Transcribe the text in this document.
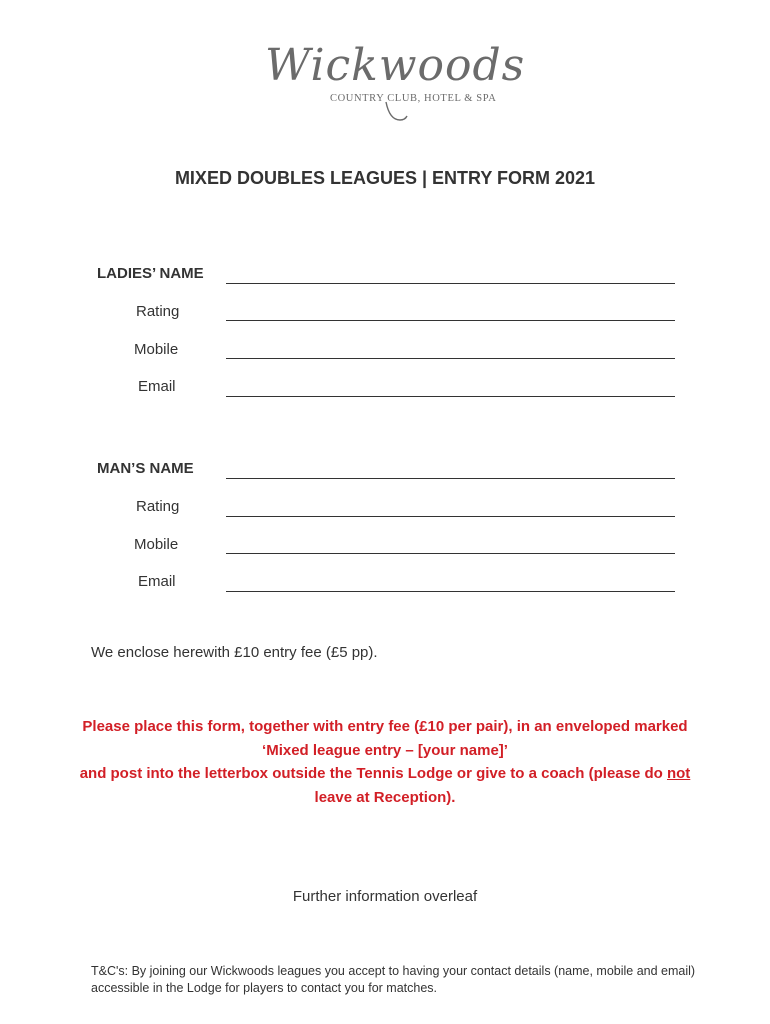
Wickwoods
COUNTRY CLUB, HOTEL & SPA
MIXED DOUBLES LEAGUES | ENTRY FORM 2021
LADIES’ NAME
Rating
Mobile
Email
MAN’S NAME
Rating
Mobile
Email
We enclose herewith £10 entry fee (£5 pp).
Please place this form, together with entry fee (£10 per pair), in an enveloped marked
‘Mixed league entry – [your name]’
and post into the letterbox outside the Tennis Lodge or give to a coach (please do not
leave at Reception).
Further information overleaf
T&C's: By joining our Wickwoods leagues you accept to having your contact details (name, mobile and email) accessible in the Lodge for players to contact you for matches.
